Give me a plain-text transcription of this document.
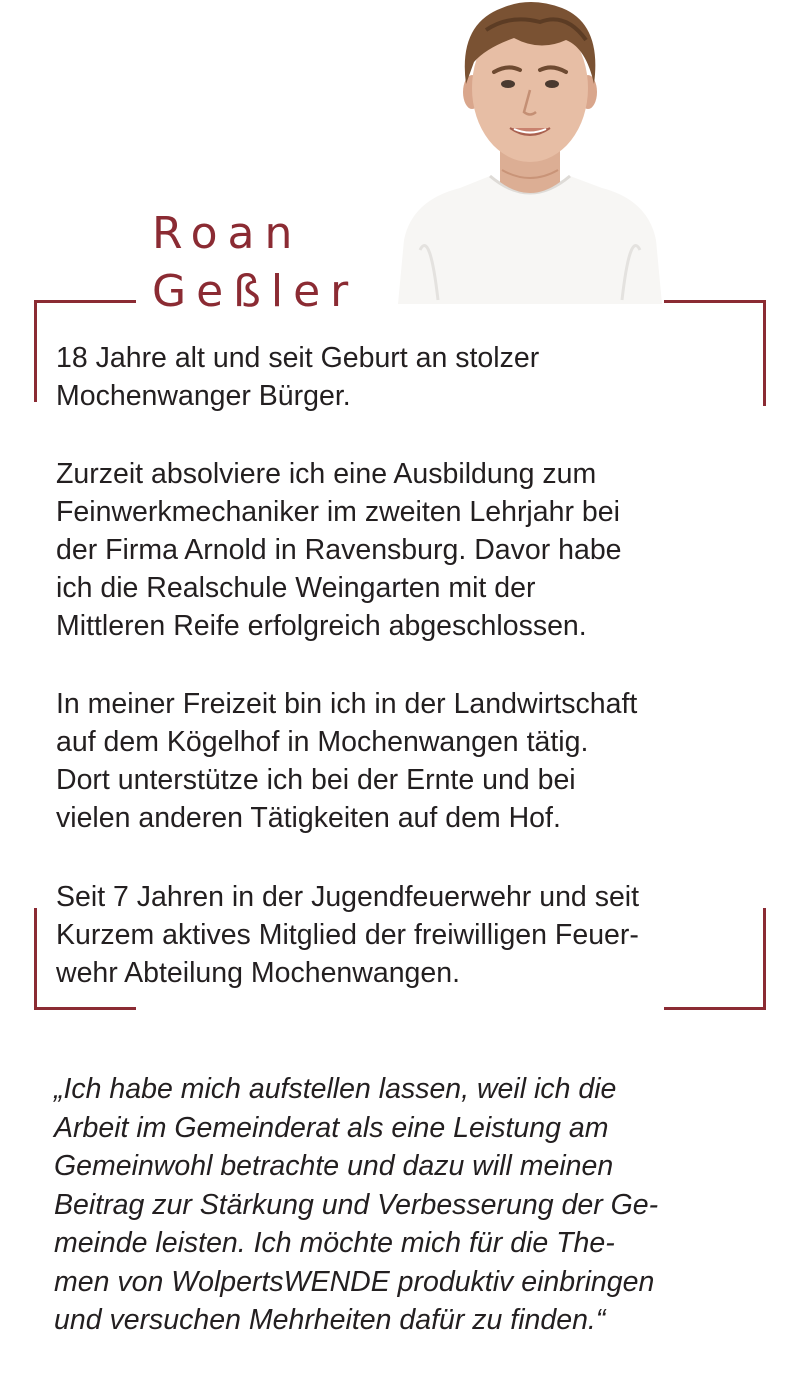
Roan
Geßler

18 Jahre alt und seit Geburt an stolzer
Mochenwanger Bürger.

Zurzeit absolviere ich eine Ausbildung zum
Feinwerkmechaniker im zweiten Lehrjahr bei
der Firma Arnold in Ravensburg. Davor habe
ich die Realschule Weingarten mit der
Mittleren Reife erfolgreich abgeschlossen.

In meiner Freizeit bin ich in der Landwirtschaft
auf dem Kögelhof in Mochenwangen tätig.
Dort unterstütze ich bei der Ernte und bei
vielen anderen Tätigkeiten auf dem Hof.

Seit 7 Jahren in der Jugendfeuerwehr und seit
Kurzem aktives Mitglied der freiwilligen Feuer-
wehr Abteilung Mochenwangen.

„Ich habe mich aufstellen lassen, weil ich die
Arbeit im Gemeinderat als eine Leistung am
Gemeinwohl betrachte und dazu will meinen
Beitrag zur Stärkung und Verbesserung der Ge-
meinde leisten. Ich möchte mich für die The-
men von WolpertsWENDE produktiv einbringen
und versuchen Mehrheiten dafür zu finden.“
